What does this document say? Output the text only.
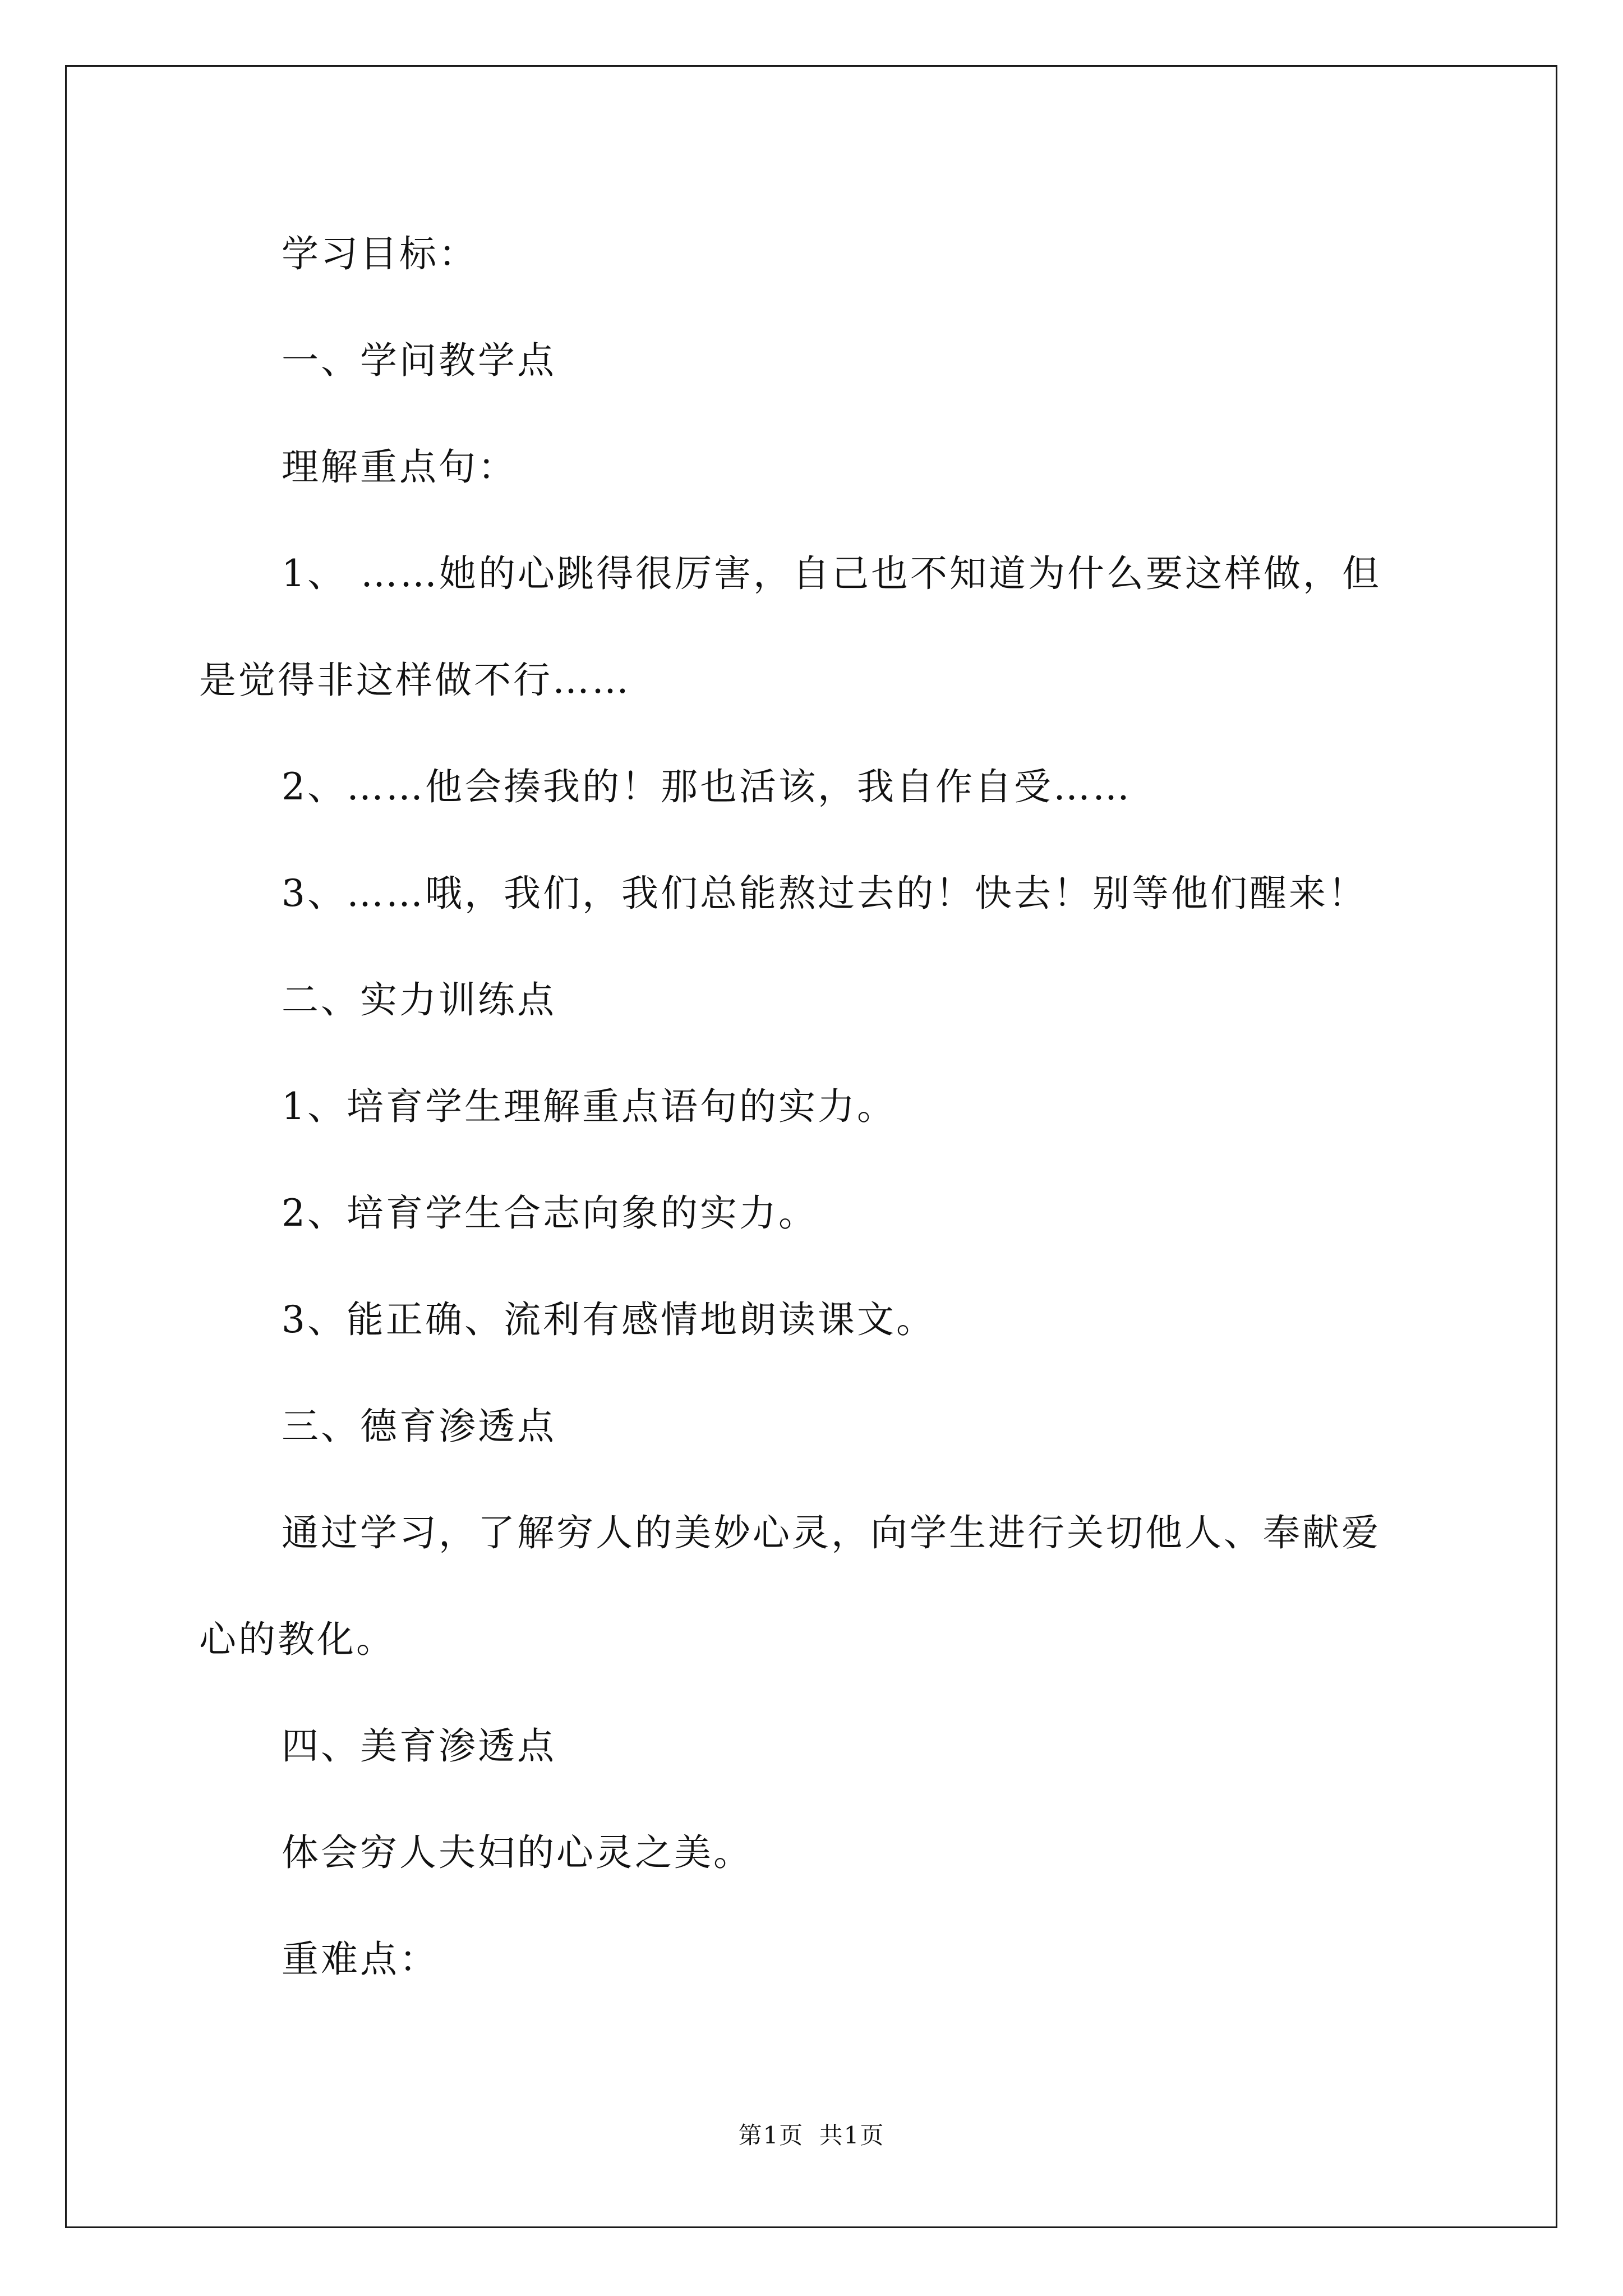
学习目标：
一、学问教学点
理解重点句：
1、 ……她的心跳得很厉害，自己也不知道为什么要这样做，但
是觉得非这样做不行……
2、……他会揍我的！那也活该，我自作自受……
3、……哦，我们，我们总能熬过去的！快去！别等他们醒来！
二、实力训练点
1、培育学生理解重点语句的实力。
2、培育学生合志向象的实力。
3、能正确、流利有感情地朗读课文。
三、德育渗透点
通过学习，了解穷人的美妙心灵，向学生进行关切他人、奉献爱
心的教化。
四、美育渗透点
体会穷人夫妇的心灵之美。
重难点：
第1页 共1页
